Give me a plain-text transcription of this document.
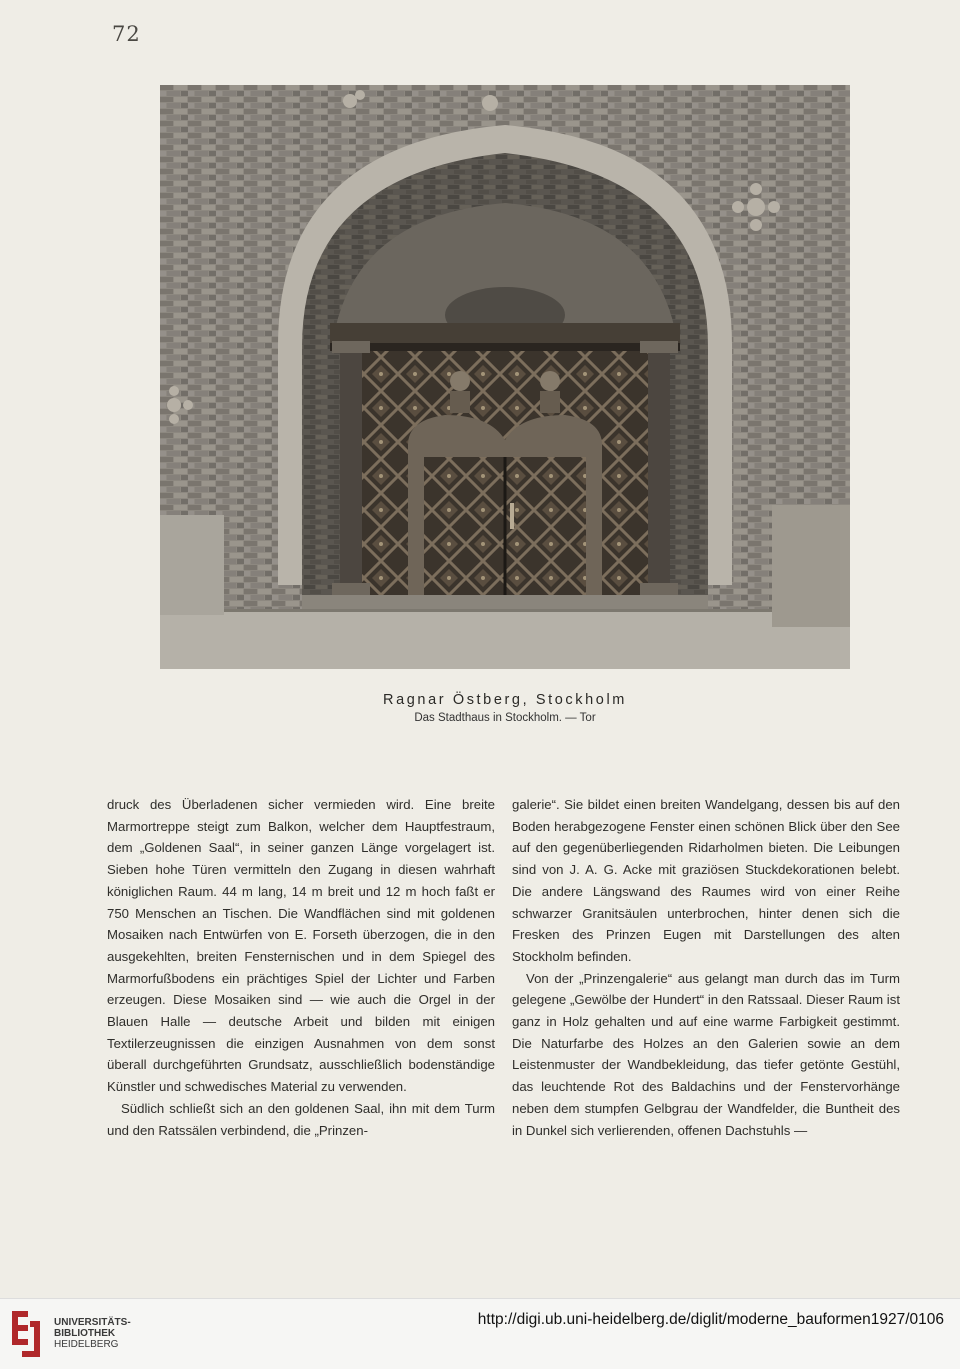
72
Ragnar Östberg, Stockholm
Das Stadthaus in Stockholm. — Tor

druck des Überladenen sicher vermieden wird. Eine breite Marmortreppe steigt zum Balkon, welcher dem Hauptfestraum, dem „Goldenen Saal“, in seiner ganzen Länge vorgelagert ist. Sieben hohe Türen vermitteln den Zugang in diesen wahrhaft königlichen Raum. 44 m lang, 14 m breit und 12 m hoch faßt er 750 Menschen an Tischen. Die Wandflächen sind mit goldenen Mosaiken nach Entwürfen von E. Forseth überzogen, die in den ausgekehlten, breiten Fensternischen und in dem Spiegel des Marmorfußbodens ein prächtiges Spiel der Lichter und Farben erzeugen. Diese Mosaiken sind — wie auch die Orgel in der Blauen Halle — deutsche Arbeit und bilden mit einigen Textilerzeugnissen die einzigen Ausnahmen von dem sonst überall durchgeführten Grundsatz, ausschließlich bodenständige Künstler und schwedisches Material zu verwenden.

Südlich schließt sich an den goldenen Saal, ihn mit dem Turm und den Ratssälen verbindend, die „Prinzen-

galerie“. Sie bildet einen breiten Wandelgang, dessen bis auf den Boden herabgezogene Fenster einen schönen Blick über den See auf den gegenüberliegenden Ridarholmen bieten. Die Leibungen sind von J. A. G. Acke mit graziösen Stuckdekorationen belebt. Die andere Längswand des Raumes wird von einer Reihe schwarzer Granitsäulen unterbrochen, hinter denen sich die Fresken des Prinzen Eugen mit Darstellungen des alten Stockholm befinden.

Von der „Prinzengalerie“ aus gelangt man durch das im Turm gelegene „Gewölbe der Hundert“ in den Ratssaal. Dieser Raum ist ganz in Holz gehalten und auf eine warme Farbigkeit gestimmt. Die Naturfarbe des Holzes an den Galerien sowie an dem Leistenmuster der Wandbekleidung, das tiefer getönte Gestühl, das leuchtende Rot des Baldachins und der Fenstervorhänge neben dem stumpfen Gelbgrau der Wandfelder, die Buntheit des in Dunkel sich verlierenden, offenen Dachstuhls —

UNIVERSITÄTS-
BIBLIOTHEK
HEIDELBERG
http://digi.ub.uni-heidelberg.de/diglit/moderne_bauformen1927/0106
